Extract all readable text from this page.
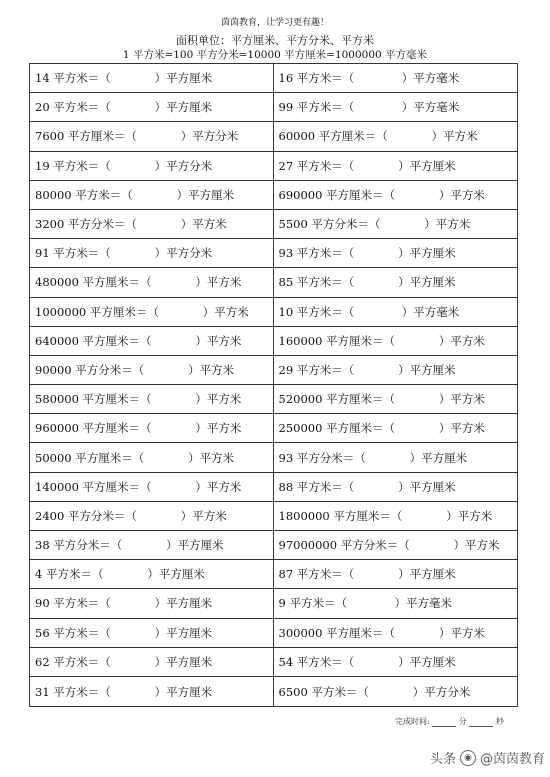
茵茵教育，让学习更有趣！
面积单位：平方厘米、平方分米、平方米
1 平方米=100 平方分米=10000 平方厘米=1000000 平方毫米
14 平方米＝（            ）平方厘米	16 平方米＝（             ）平方毫米
20 平方米＝（            ）平方厘米	99 平方米＝（             ）平方毫米
7600 平方厘米＝（            ）平方分米	60000 平方厘米＝（            ）平方米
19 平方米＝（            ）平方分米	27 平方米＝（            ）平方厘米
80000 平方米＝（            ）平方厘米	690000 平方厘米＝（            ）平方米
3200 平方分米＝（            ）平方米	5500 平方分米＝（            ）平方米
91 平方米＝（            ）平方分米	93 平方米＝（            ）平方厘米
480000 平方厘米＝（            ）平方米	85 平方米＝（            ）平方厘米
1000000 平方厘米＝（            ）平方米	10 平方米＝（             ）平方毫米
640000 平方厘米＝（            ）平方米	160000 平方厘米＝（            ）平方米
90000 平方分米＝（            ）平方米	29 平方米＝（            ）平方厘米
580000 平方厘米＝（            ）平方米	520000 平方厘米＝（            ）平方米
960000 平方厘米＝（            ）平方米	250000 平方厘米＝（            ）平方米
50000 平方厘米＝（            ）平方米	93 平方分米＝（            ）平方厘米
140000 平方厘米＝（            ）平方米	88 平方米＝（            ）平方厘米
2400 平方分米＝（            ）平方米	1800000 平方厘米＝（            ）平方米
38 平方分米＝（            ）平方厘米	97000000 平方分米＝（            ）平方米
4 平方米＝（            ）平方厘米	87 平方米＝（            ）平方厘米
90 平方米＝（            ）平方厘米	9 平方米＝（             ）平方毫米
56 平方米＝（            ）平方厘米	300000 平方厘米＝（            ）平方米
62 平方米＝（            ）平方厘米	54 平方米＝（            ）平方厘米
31 平方米＝（            ）平方厘米	6500 平方米＝（            ）平方分米
完成时间:	分	秒
头条 ◉ @茵茵教育
